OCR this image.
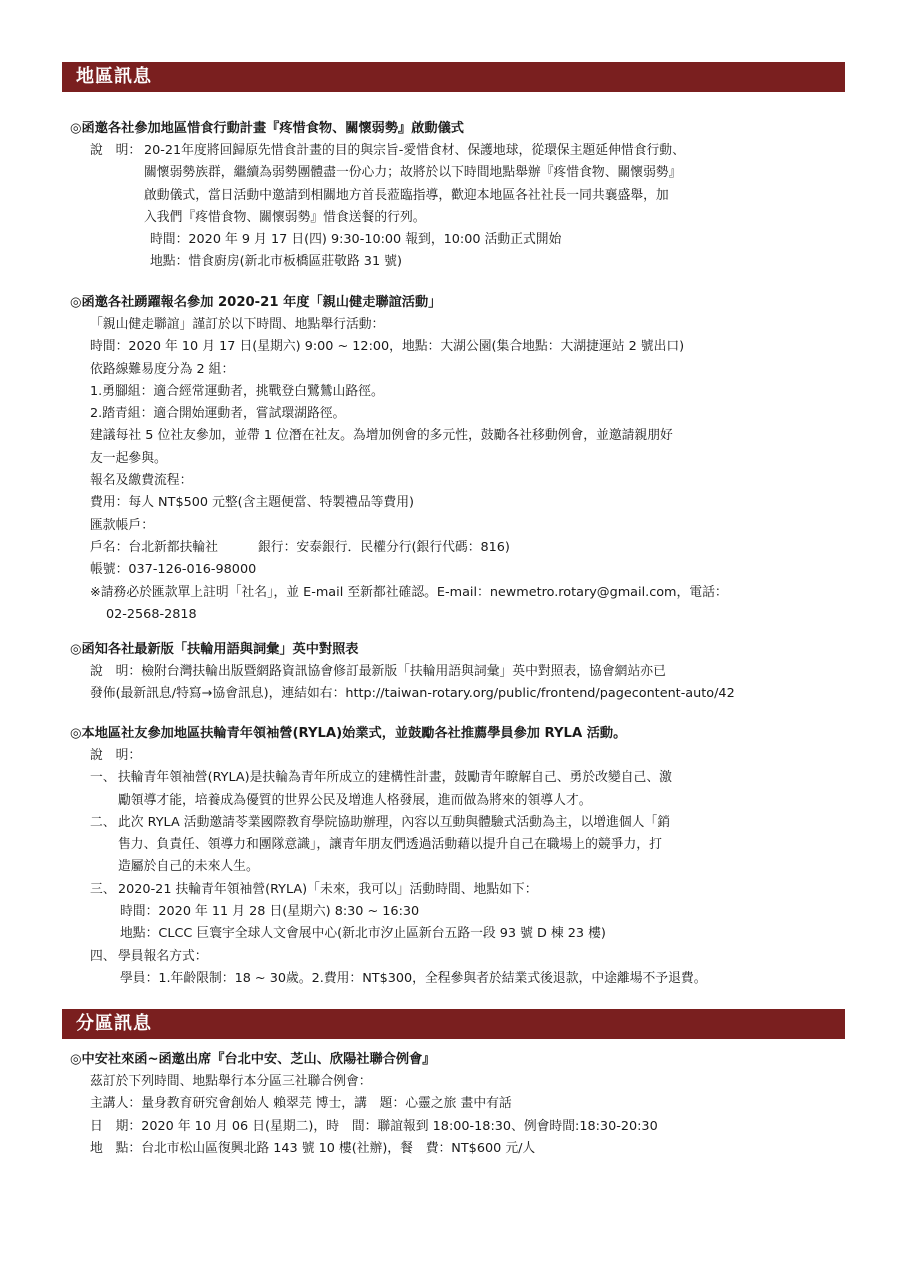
地區訊息
◎函邀各社參加地區惜食行動計畫『疼惜食物、關懷弱勢』啟動儀式
說　明： 20-21年度將回歸原先惜食計畫的目的與宗旨-愛惜食材、保護地球，從環保主題延伸惜食行動、
關懷弱勢族群，繼續為弱勢團體盡一份心力；故將於以下時間地點舉辦『疼惜食物、關懷弱勢』
啟動儀式，當日活動中邀請到相關地方首長蒞臨指導，歡迎本地區各社社長一同共襄盛舉，加
入我們『疼惜食物、關懷弱勢』惜食送餐的行列。
時間：2020 年 9 月 17 日(四) 9:30-10:00 報到，10:00 活動正式開始
地點：惜食廚房(新北市板橋區莊敬路 31 號)
◎函邀各社踴躍報名參加 2020-21 年度「親山健走聯誼活動」
「親山健走聯誼」謹訂於以下時間、地點舉行活動：
時間：2020 年 10 月 17 日(星期六) 9:00 ~ 12:00，地點：大湖公園(集合地點：大湖捷運站 2 號出口)
依路線難易度分為 2 組：
1.勇腳組：適合經常運動者，挑戰登白鷺鷥山路徑。
2.踏青組：適合開始運動者，嘗試環湖路徑。
建議每社 5 位社友參加，並帶 1 位潛在社友。為增加例會的多元性，鼓勵各社移動例會，並邀請親朋好
友一起參與。
報名及繳費流程：
費用：每人 NT$500 元整(含主題便當、特製禮品等費用)
匯款帳戶：
戶名：台北新都扶輪社	銀行：安泰銀行．民權分行(銀行代碼：816)
帳號：037-126-016-98000
※請務必於匯款單上註明「社名」，並 E-mail 至新都社確認。E-mail：newmetro.rotary@gmail.com，電話：
02-2568-2818
◎函知各社最新版「扶輪用語與詞彙」英中對照表
說　明：檢附台灣扶輪出版暨網路資訊協會修訂最新版「扶輪用語與詞彙」英中對照表，協會網站亦已
發佈(最新訊息/特寫→協會訊息)，連結如右：http://taiwan-rotary.org/public/frontend/pagecontent-auto/42
◎本地區社友參加地區扶輪青年領袖營(RYLA)始業式，並鼓勵各社推薦學員參加 RYLA 活動。
說　明：
一、 扶輪青年領袖營(RYLA)是扶輪為青年所成立的建構性計畫，鼓勵青年瞭解自己、勇於改變自己、激
勵領導才能，培養成為優質的世界公民及增進人格發展，進而做為將來的領導人才。
二、 此次 RYLA 活動邀請苓業國際教育學院協助辦理，內容以互動與體驗式活動為主，以增進個人「銷
售力、負責任、領導力和團隊意識」，讓青年朋友們透過活動藉以提升自己在職場上的競爭力，打
造屬於自己的未來人生。
三、 2020-21 扶輪青年領袖營(RYLA)「未來，我可以」活動時間、地點如下：
時間：2020 年 11 月 28 日(星期六) 8:30 ~ 16:30
地點：CLCC 巨寰宇全球人文會展中心(新北市汐止區新台五路一段 93 號 D 棟 23 樓)
四、 學員報名方式：
學員：1.年齡限制：18 ~ 30歲。2.費用：NT$300，全程參與者於結業式後退款，中途離場不予退費。
分區訊息
◎中安社來函~函邀出席『台北中安、芝山、欣陽社聯合例會』
茲訂於下列時間、地點舉行本分區三社聯合例會：
主講人：量身教育研究會創始人 賴翠芫 博士，講　題：心靈之旅 畫中有話
日　期：2020 年 10 月 06 日(星期二)，時　間：聯誼報到 18:00-18:30、例會時間:18:30-20:30
地　點：台北市松山區復興北路 143 號 10 樓(社辦)，餐　費：NT$600 元/人
